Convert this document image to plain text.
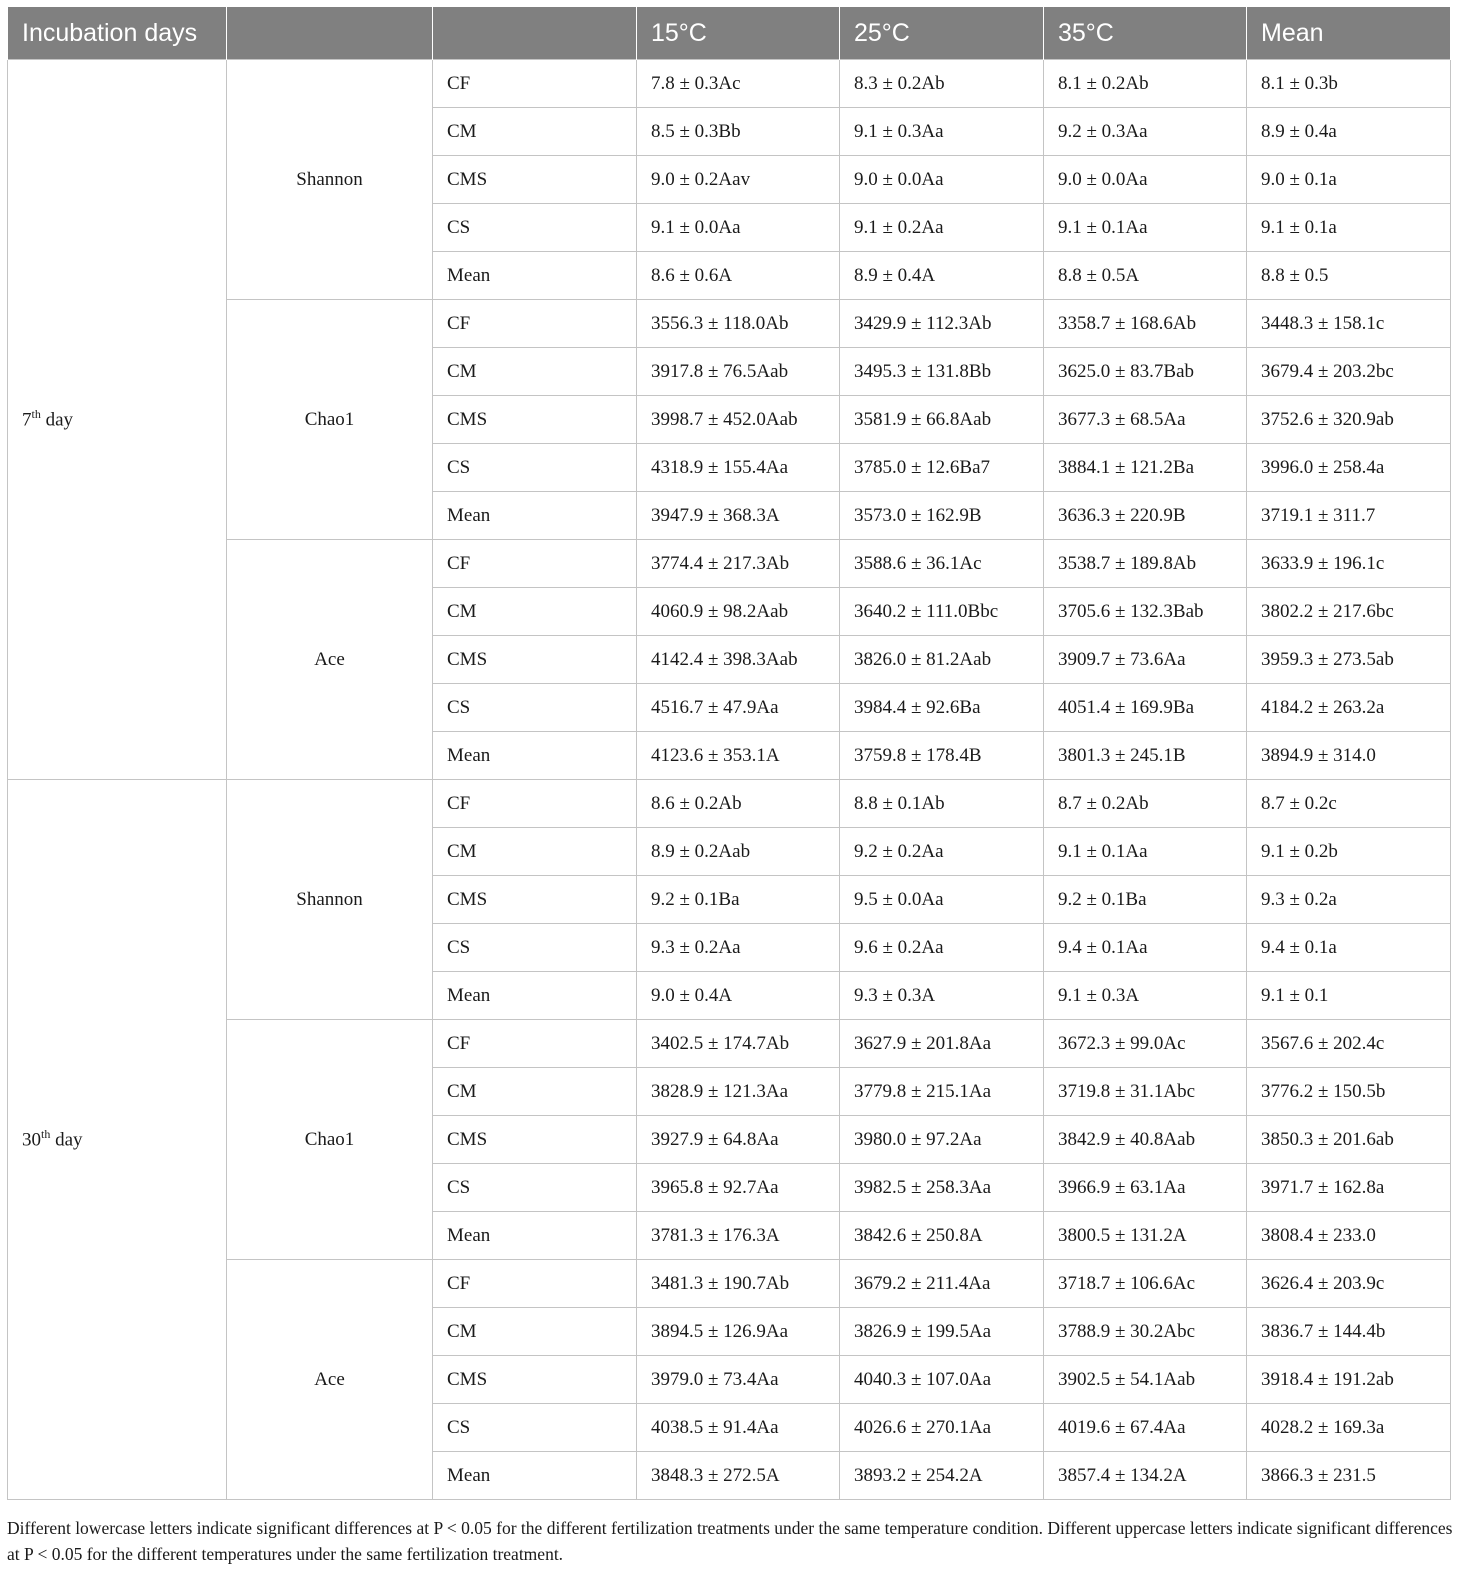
Incubation days			15°C	25°C	35°C	Mean
7th day	Shannon	CF	7.8 ± 0.3Ac	8.3 ± 0.2Ab	8.1 ± 0.2Ab	8.1 ± 0.3b
		CM	8.5 ± 0.3Bb	9.1 ± 0.3Aa	9.2 ± 0.3Aa	8.9 ± 0.4a
		CMS	9.0 ± 0.2Aav	9.0 ± 0.0Aa	9.0 ± 0.0Aa	9.0 ± 0.1a
		CS	9.1 ± 0.0Aa	9.1 ± 0.2Aa	9.1 ± 0.1Aa	9.1 ± 0.1a
		Mean	8.6 ± 0.6A	8.9 ± 0.4A	8.8 ± 0.5A	8.8 ± 0.5
	Chao1	CF	3556.3 ± 118.0Ab	3429.9 ± 112.3Ab	3358.7 ± 168.6Ab	3448.3 ± 158.1c
		CM	3917.8 ± 76.5Aab	3495.3 ± 131.8Bb	3625.0 ± 83.7Bab	3679.4 ± 203.2bc
		CMS	3998.7 ± 452.0Aab	3581.9 ± 66.8Aab	3677.3 ± 68.5Aa	3752.6 ± 320.9ab
		CS	4318.9 ± 155.4Aa	3785.0 ± 12.6Ba7	3884.1 ± 121.2Ba	3996.0 ± 258.4a
		Mean	3947.9 ± 368.3A	3573.0 ± 162.9B	3636.3 ± 220.9B	3719.1 ± 311.7
	Ace	CF	3774.4 ± 217.3Ab	3588.6 ± 36.1Ac	3538.7 ± 189.8Ab	3633.9 ± 196.1c
		CM	4060.9 ± 98.2Aab	3640.2 ± 111.0Bbc	3705.6 ± 132.3Bab	3802.2 ± 217.6bc
		CMS	4142.4 ± 398.3Aab	3826.0 ± 81.2Aab	3909.7 ± 73.6Aa	3959.3 ± 273.5ab
		CS	4516.7 ± 47.9Aa	3984.4 ± 92.6Ba	4051.4 ± 169.9Ba	4184.2 ± 263.2a
		Mean	4123.6 ± 353.1A	3759.8 ± 178.4B	3801.3 ± 245.1B	3894.9 ± 314.0
30th day	Shannon	CF	8.6 ± 0.2Ab	8.8 ± 0.1Ab	8.7 ± 0.2Ab	8.7 ± 0.2c
		CM	8.9 ± 0.2Aab	9.2 ± 0.2Aa	9.1 ± 0.1Aa	9.1 ± 0.2b
		CMS	9.2 ± 0.1Ba	9.5 ± 0.0Aa	9.2 ± 0.1Ba	9.3 ± 0.2a
		CS	9.3 ± 0.2Aa	9.6 ± 0.2Aa	9.4 ± 0.1Aa	9.4 ± 0.1a
		Mean	9.0 ± 0.4A	9.3 ± 0.3A	9.1 ± 0.3A	9.1 ± 0.1
	Chao1	CF	3402.5 ± 174.7Ab	3627.9 ± 201.8Aa	3672.3 ± 99.0Ac	3567.6 ± 202.4c
		CM	3828.9 ± 121.3Aa	3779.8 ± 215.1Aa	3719.8 ± 31.1Abc	3776.2 ± 150.5b
		CMS	3927.9 ± 64.8Aa	3980.0 ± 97.2Aa	3842.9 ± 40.8Aab	3850.3 ± 201.6ab
		CS	3965.8 ± 92.7Aa	3982.5 ± 258.3Aa	3966.9 ± 63.1Aa	3971.7 ± 162.8a
		Mean	3781.3 ± 176.3A	3842.6 ± 250.8A	3800.5 ± 131.2A	3808.4 ± 233.0
	Ace	CF	3481.3 ± 190.7Ab	3679.2 ± 211.4Aa	3718.7 ± 106.6Ac	3626.4 ± 203.9c
		CM	3894.5 ± 126.9Aa	3826.9 ± 199.5Aa	3788.9 ± 30.2Abc	3836.7 ± 144.4b
		CMS	3979.0 ± 73.4Aa	4040.3 ± 107.0Aa	3902.5 ± 54.1Aab	3918.4 ± 191.2ab
		CS	4038.5 ± 91.4Aa	4026.6 ± 270.1Aa	4019.6 ± 67.4Aa	4028.2 ± 169.3a
		Mean	3848.3 ± 272.5A	3893.2 ± 254.2A	3857.4 ± 134.2A	3866.3 ± 231.5
Different lowercase letters indicate significant differences at P < 0.05 for the different fertilization treatments under the same temperature condition. Different uppercase letters indicate significant differences at P < 0.05 for the different temperatures under the same fertilization treatment.
